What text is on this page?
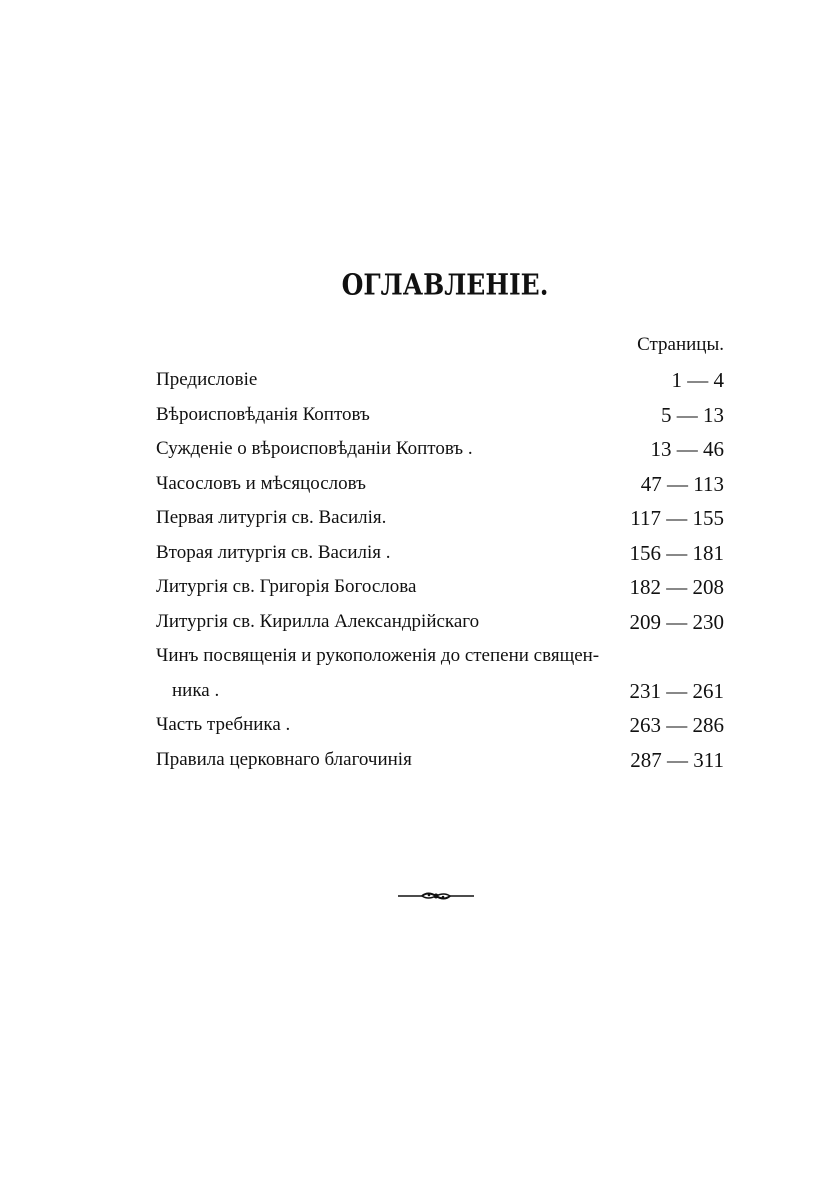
ОГЛАВЛЕНІЕ.
Страницы.
Предисловіе	1 — 4
Вѣроисповѣданія Коптовъ	5 — 13
Сужденіе о вѣроисповѣданіи Коптовъ .	13 — 46
Часословъ и мѣсяцословъ	47 — 113
Первая литургія св. Василія.	117 — 155
Вторая литургія св. Василія .	156 — 181
Литургія св. Григорія Богослова	182 — 208
Литургія св. Кирилла Александрійскаго	209 — 230
Чинъ посвященія и рукоположенія до степени священ-
ника .	231 — 261
Часть требника .	263 — 286
Правила церковнаго благочинія	287 — 311
